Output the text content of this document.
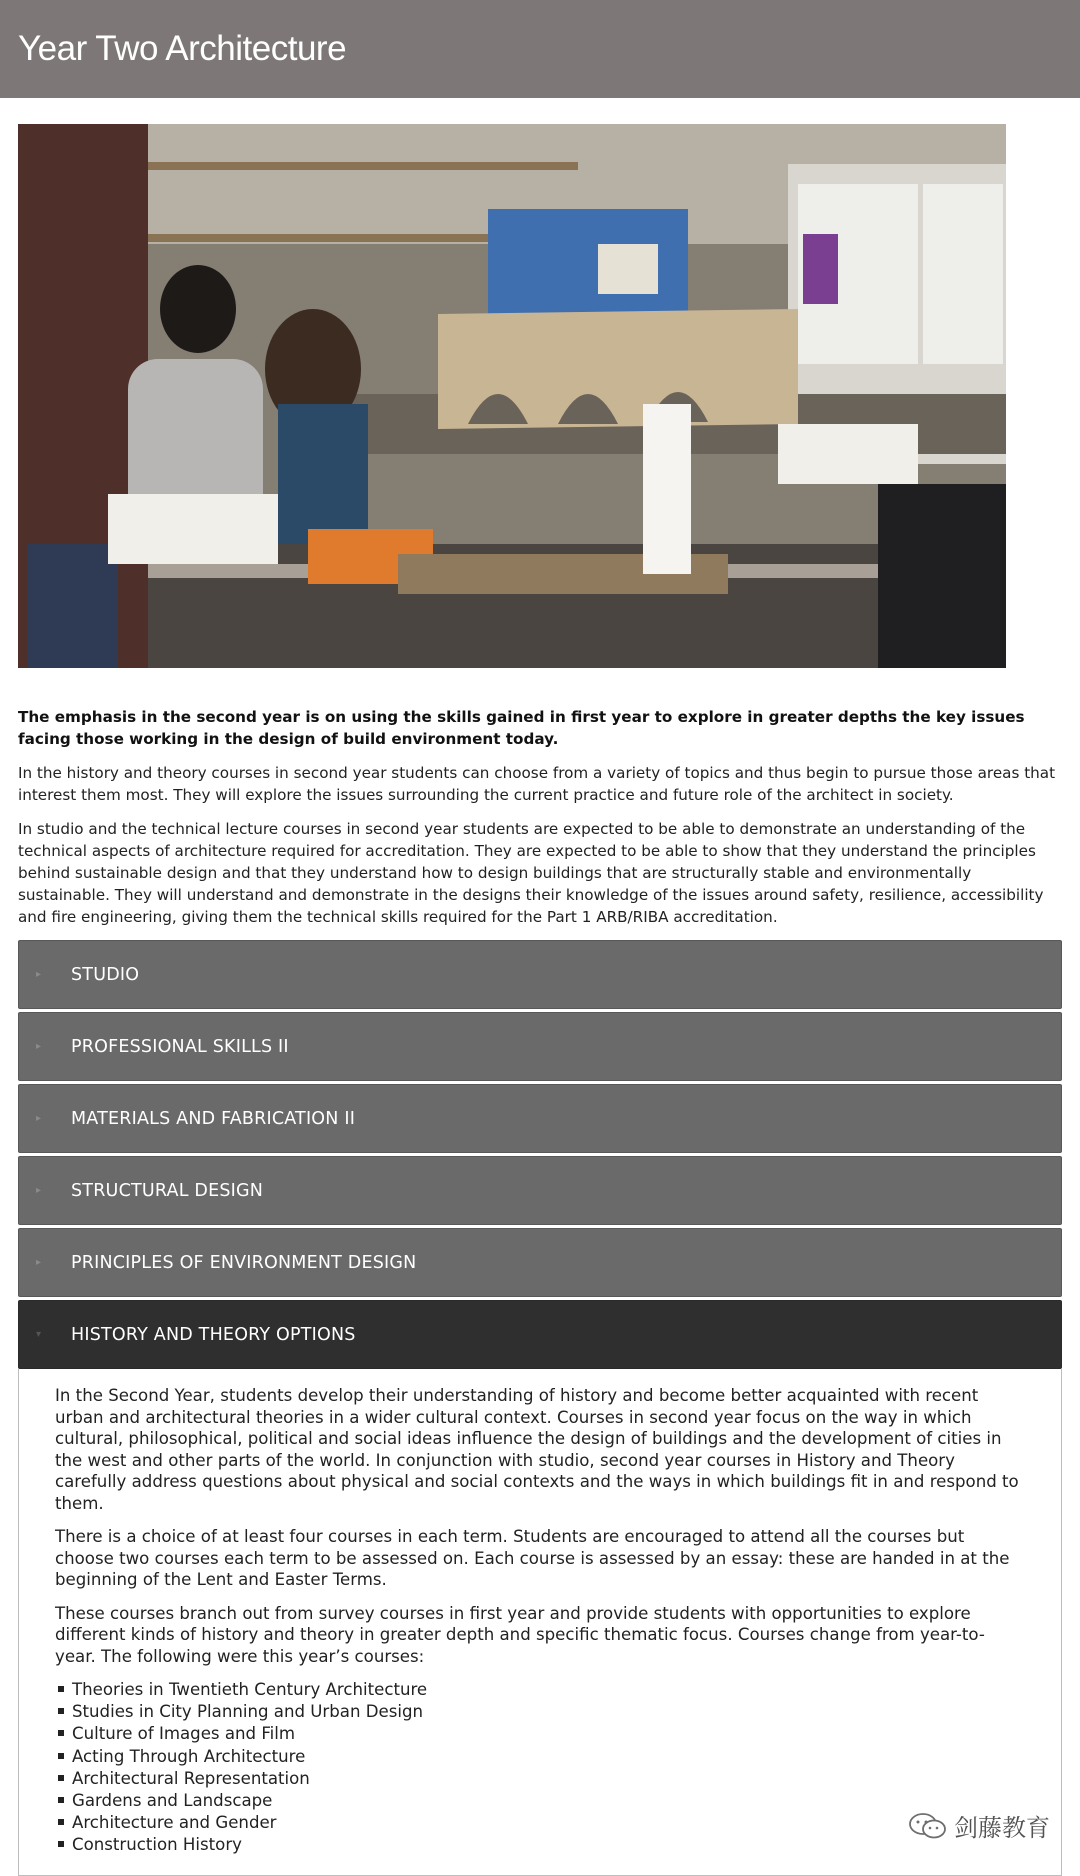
Year Two Architecture

The emphasis in the second year is on using the skills gained in first year to explore in greater depths the key issues facing those working in the design of build environment today.

In the history and theory courses in second year students can choose from a variety of topics and thus begin to pursue those areas that interest them most. They will explore the issues surrounding the current practice and future role of the architect in society.

In studio and the technical lecture courses in second year students are expected to be able to demonstrate an understanding of the technical aspects of architecture required for accreditation. They are expected to be able to show that they understand the principles behind sustainable design and that they understand how to design buildings that are structurally stable and environmentally sustainable. They will understand and demonstrate in the designs their knowledge of the issues around safety, resilience, accessibility and fire engineering, giving them the technical skills required for the Part 1 ARB/RIBA accreditation.

▸	STUDIO
▸	PROFESSIONAL SKILLS II
▸	MATERIALS AND FABRICATION II
▸	STRUCTURAL DESIGN
▸	PRINCIPLES OF ENVIRONMENT DESIGN
▾	HISTORY AND THEORY OPTIONS

In the Second Year, students develop their understanding of history and become better acquainted with recent urban and architectural theories in a wider cultural context. Courses in second year focus on the way in which cultural, philosophical, political and social ideas influence the design of buildings and the development of cities in the west and other parts of the world. In conjunction with studio, second year courses in History and Theory carefully address questions about physical and social contexts and the ways in which buildings fit in and respond to them.

There is a choice of at least four courses in each term. Students are encouraged to attend all the courses but choose two courses each term to be assessed on. Each course is assessed by an essay: these are handed in at the beginning of the Lent and Easter Terms.

These courses branch out from survey courses in first year and provide students with opportunities to explore different kinds of history and theory in greater depth and specific thematic focus. Courses change from year-to-year. The following were this year’s courses:

Theories in Twentieth Century Architecture
Studies in City Planning and Urban Design
Culture of Images and Film
Acting Through Architecture
Architectural Representation
Gardens and Landscape
Architecture and Gender
Construction History
剑藤教育
